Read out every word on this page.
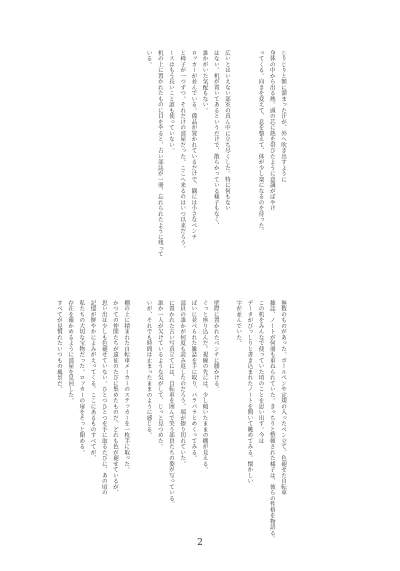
じりじりと額に溜まった汗が、外へ吹き出すように
身体の中から出る熱。頭の芯に熱を帯びたように意識がぼやけ
ってくる。向きを変えて、息を整えて、体が少し楽になるのを待った。

広いとはいえない部室の真ん中に立ち尽くした。特に何もない
はない。机が置いてあるというだけで、散らかっている様子もなく、
誰かがいた気配もない。
ロッカーが並んでいる。備品が置かれているだけで、隅には小さなベンチ
と椅子が一つずつ。それだけの部屋だった。ここへ来るのはいつ以来だろう。
ースはもう長いこと誰も使っていない。
机の上に置かれたものに目をやると、古い部誌が一冊、忘れられたように残って
いる。
無数のものがあった。ボールペンや定規の入ったペン立て、色褪せた自転車
雑誌、ノートが何冊も重ねられていた。きっちりと整頓された様子は、彼らの性格を物語る。
この机をみんなで使っていた頃のことを思い出す。今は
データがびっしりと書き込まれたノートを開いて眺めてみる。懐かしい
字が並んでいた。

壁際に置かれたベンチに腰かける。
ぐっと座り込んだ。視線の先には、少し傾いたままの棚が見える。
ばいに並べられた雑誌を手に取り、パラパラとめくってみる。
部員の誰かが何度も読み返したのだろう、端が擦り切れていた。
に置かれた古い写真立てには、自転車を囲んで笑う部員たちの姿が写っている。
誰か一人が欠けているような気がして、じっと見つめた。
いが、それでも時間は止まったままのように感じる。

棚の上に積まれた自転車メーカーのステッカーを一枚手に取った。
かつての仲間たちが遠征のたびに集めたものだ。どれも色が褪せているが、
思い出は少しも色褪せていない。ひとつひとつを手に取るたびに、あの頃の
記憶が鮮やかによみがえってくる。ここにあるものすべてが、
私たちの大切な宝物だった。ロッカーの扉をそっと閉める。
存在を確かめるように部屋を見回した。
すべてが見慣れたいつもの風景だ。
2
